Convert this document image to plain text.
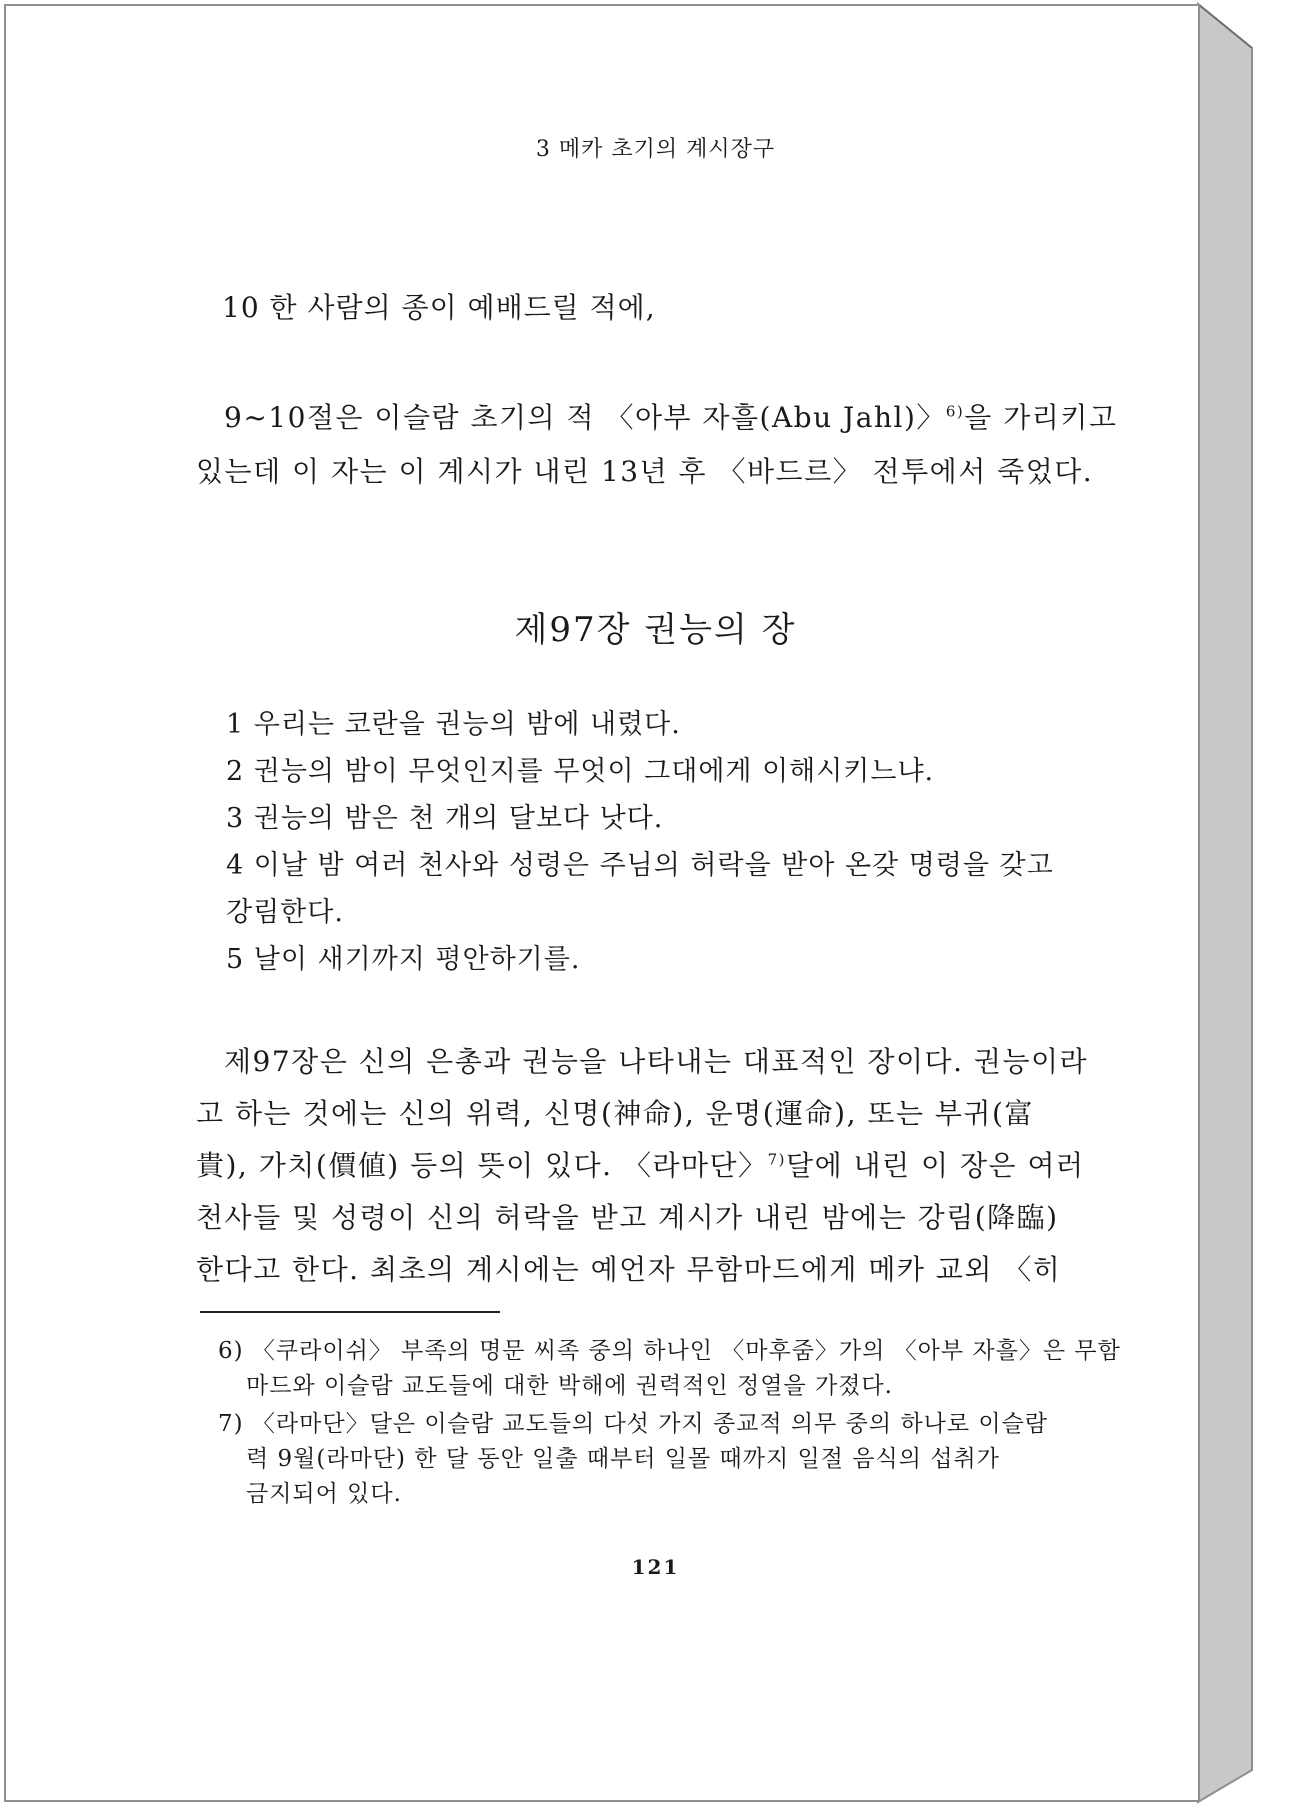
3 메카 초기의 계시장구
10 한 사람의 종이 예배드릴 적에,
9~10절은 이슬람 초기의 적 〈아부 자흘(Abu Jahl)〉$^{6)}$을 가리키고
있는데 이 자는 이 계시가 내린 13년 후 〈바드르〉 전투에서 죽었다.
제97장 권능의 장
1 우리는 코란을 권능의 밤에 내렸다.
2 권능의 밤이 무엇인지를 무엇이 그대에게 이해시키느냐.
3 권능의 밤은 천 개의 달보다 낫다.
4 이날 밤 여러 천사와 성령은 주님의 허락을 받아 온갖 명령을 갖고
강림한다.
5 날이 새기까지 평안하기를.
제97장은 신의 은총과 권능을 나타내는 대표적인 장이다. 권능이라
고 하는 것에는 신의 위력, 신명(神命), 운명(運命), 또는 부귀(富
貴), 가치(價値) 등의 뜻이 있다. 〈라마단〉$^{7)}$달에 내린 이 장은 여러
천사들 및 성령이 신의 허락을 받고 계시가 내린 밤에는 강림(降臨)
한다고 한다. 최초의 계시에는 예언자 무함마드에게 메카 교외 〈히
6) 〈쿠라이쉬〉 부족의 명문 씨족 중의 하나인 〈마후줌〉가의 〈아부 자흘〉은 무함
마드와 이슬람 교도들에 대한 박해에 권력적인 정열을 가졌다.
7) 〈라마단〉달은 이슬람 교도들의 다섯 가지 종교적 의무 중의 하나로 이슬람
력 9월(라마단) 한 달 동안 일출 때부터 일몰 때까지 일절 음식의 섭취가
금지되어 있다.
121
